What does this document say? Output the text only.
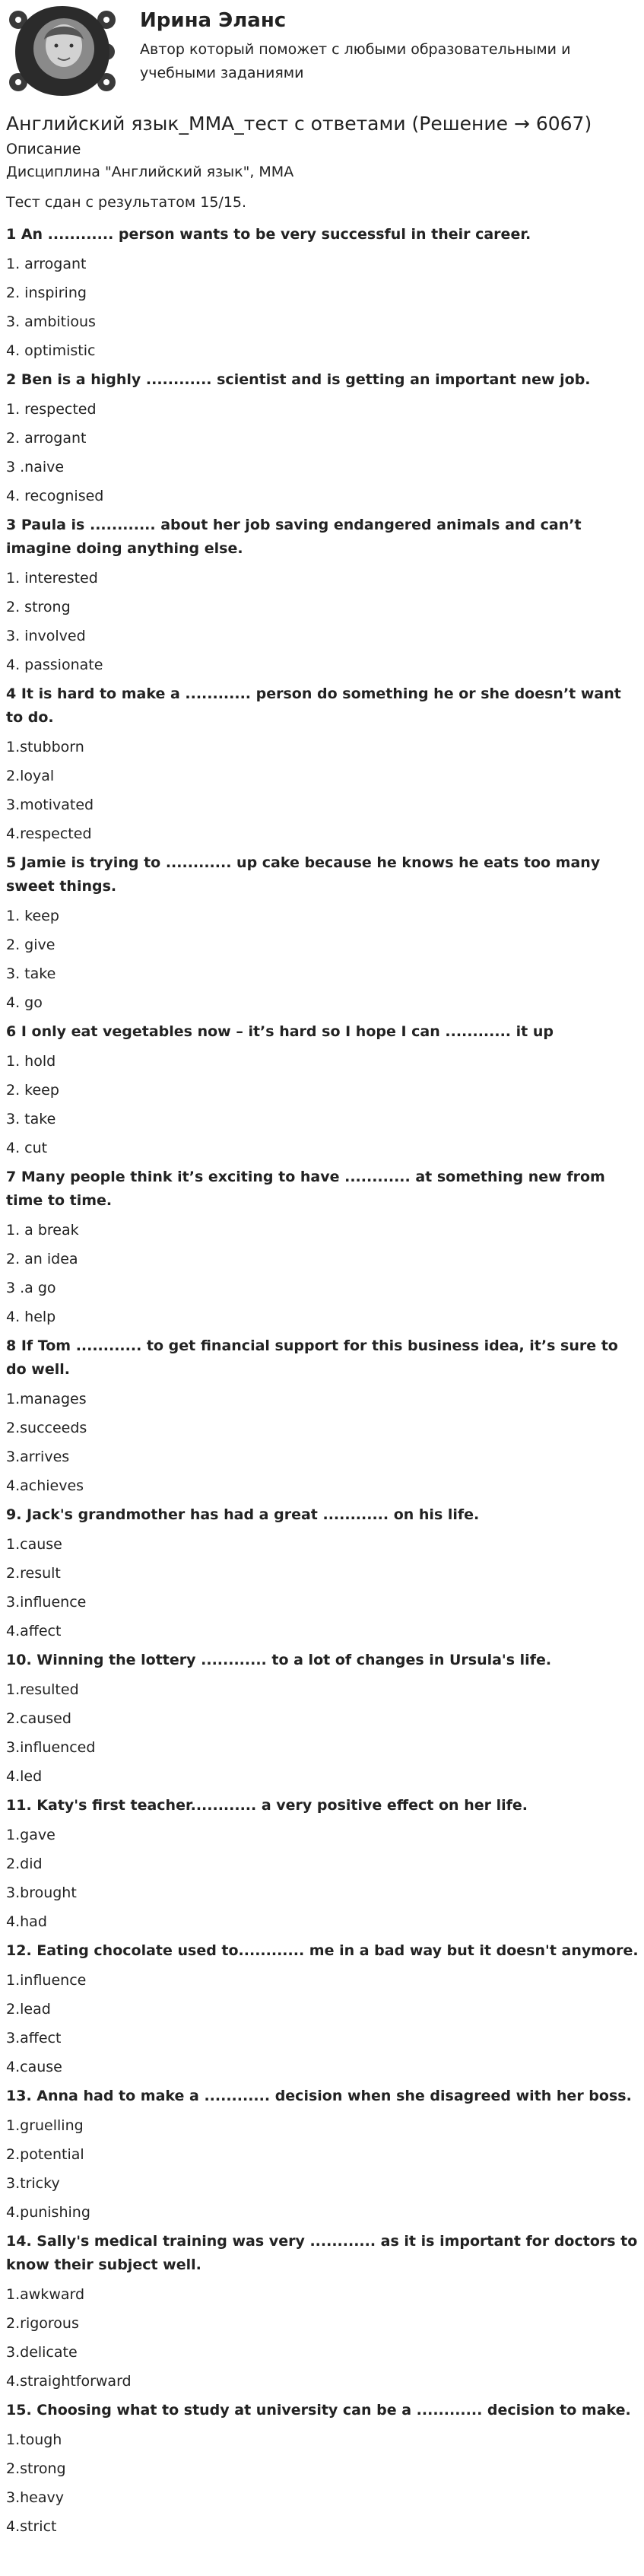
Ирина Эланс
Автор который поможет с любыми образовательными и учебными заданиями
Английский язык_ММА_тест с ответами (Решение → 6067)
Описание
Дисциплина "Английский язык", ММА
Тест сдан с результатом 15/15.
1 An ............ person wants to be very successful in their career.
1. arrogant
2. inspiring
3. ambitious
4. optimistic
2 Ben is a highly ............ scientist and is getting an important new job.
1. respected
2. arrogant
3 .naive
4. recognised
3 Paula is ............ about her job saving endangered animals and can’t imagine doing anything else.
1. interested
2. strong
3. involved
4. passionate
4 It is hard to make a ............ person do something he or she doesn’t want to do.
1.stubborn
2.loyal
3.motivated
4.respected
5 Jamie is trying to ............ up cake because he knows he eats too many sweet things.
1. keep
2. give
3. take
4. go
6 I only eat vegetables now – it’s hard so I hope I can ............ it up
1. hold
2. keep
3. take
4. cut
7 Many people think it’s exciting to have ............ at something new from time to time.
1. a break
2. an idea
3 .a go
4. help
8 If Tom ............ to get financial support for this business idea, it’s sure to do well.
1.manages
2.succeeds
3.arrives
4.achieves
9. Jack's grandmother has had a great ............ on his life.
1.cause
2.result
3.influence
4.affect
10. Winning the lottery ............ to a lot of changes in Ursula's life.
1.resulted
2.caused
3.influenced
4.led
11. Katy's first teacher............ a very positive effect on her life.
1.gave
2.did
3.brought
4.had
12. Eating chocolate used to............ me in a bad way but it doesn't anymore.
1.influence
2.lead
3.affect
4.cause
13. Anna had to make a ............ decision when she disagreed with her boss.
1.gruelling
2.potential
3.tricky
4.punishing
14. Sally's medical training was very ............ as it is important for doctors to know their subject well.
1.awkward
2.rigorous
3.delicate
4.straightforward
15. Choosing what to study at university can be a ............ decision to make.
1.tough
2.strong
3.heavy
4.strict
